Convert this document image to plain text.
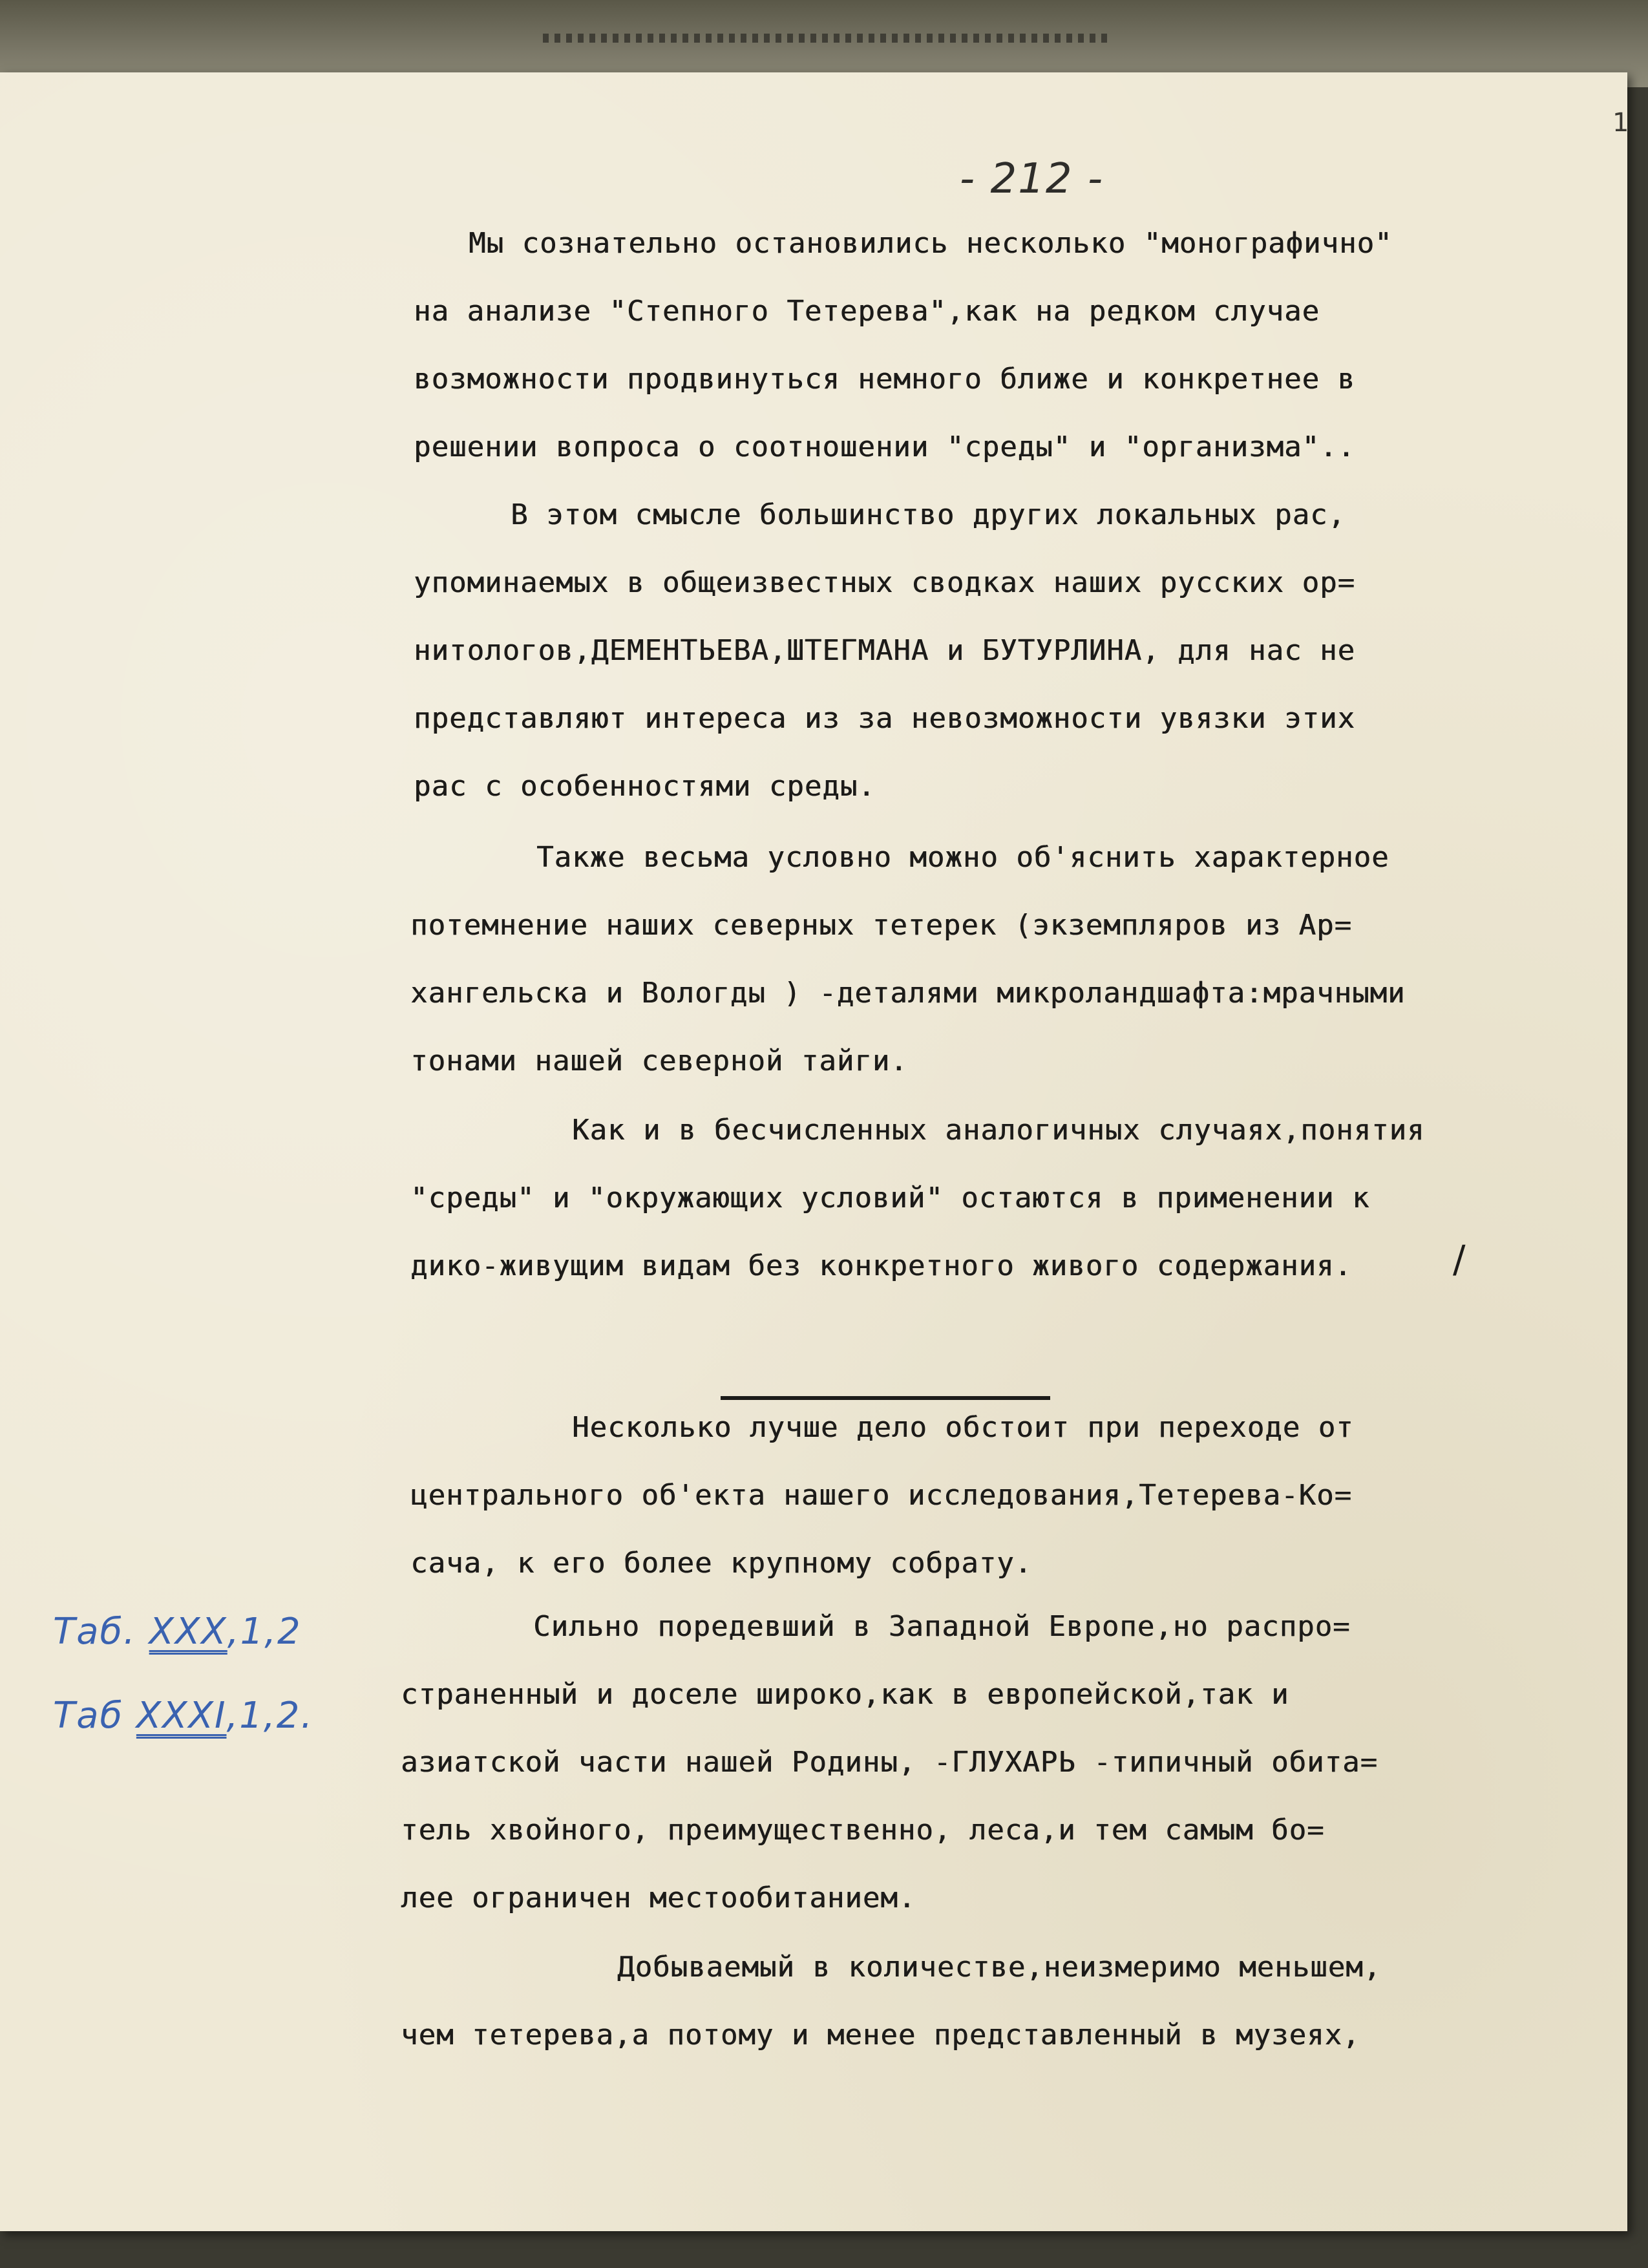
1
- 212 -
Мы сознательно остановились несколько "монографично"
на анализе "Степного Тетерева",как на редком случае
возможности продвинуться немного ближе и конкретнее в
решении вопроса о соотношении "среды" и "организма"..
В этом смысле большинство других локальных рас,
упоминаемых в общеизвестных сводках наших русских ор=
нитологов,ДЕМЕНТЬЕВА,ШТЕГМАНА и БУТУРЛИНА, для нас не
представляют интереса из за невозможности увязки этих
рас с особенностями среды.
Также весьма условно можно об'яснить характерное
потемнение наших северных тетерек (экземпляров из Ар=
хангельска и Вологды ) -деталями микроландшафта:мрачными
тонами нашей северной тайги.
Как и в бесчисленных аналогичных случаях,понятия
"среды" и "окружающих условий" остаются в применении к
дико-живущим видам без конкретного живого содержания.	/
Несколько лучше дело обстоит при переходе от
центрального об'екта нашего исследования,Тетерева-Ко=
сача, к его более крупному собрату.
Сильно поредевший в Западной Европе,но распро=
страненный и доселе широко,как в европейской,так и
азиатской части нашей Родины, -ГЛУХАРЬ -типичный обита=
тель хвойного, преимущественно, леса,и тем самым бо=
лее ограничен местообитанием.
Добываемый в количестве,неизмеримо меньшем,
чем тетерева,а потому и менее представленный в музеях,
Таб. XXX,1,2
Таб XXXI,1,2.
